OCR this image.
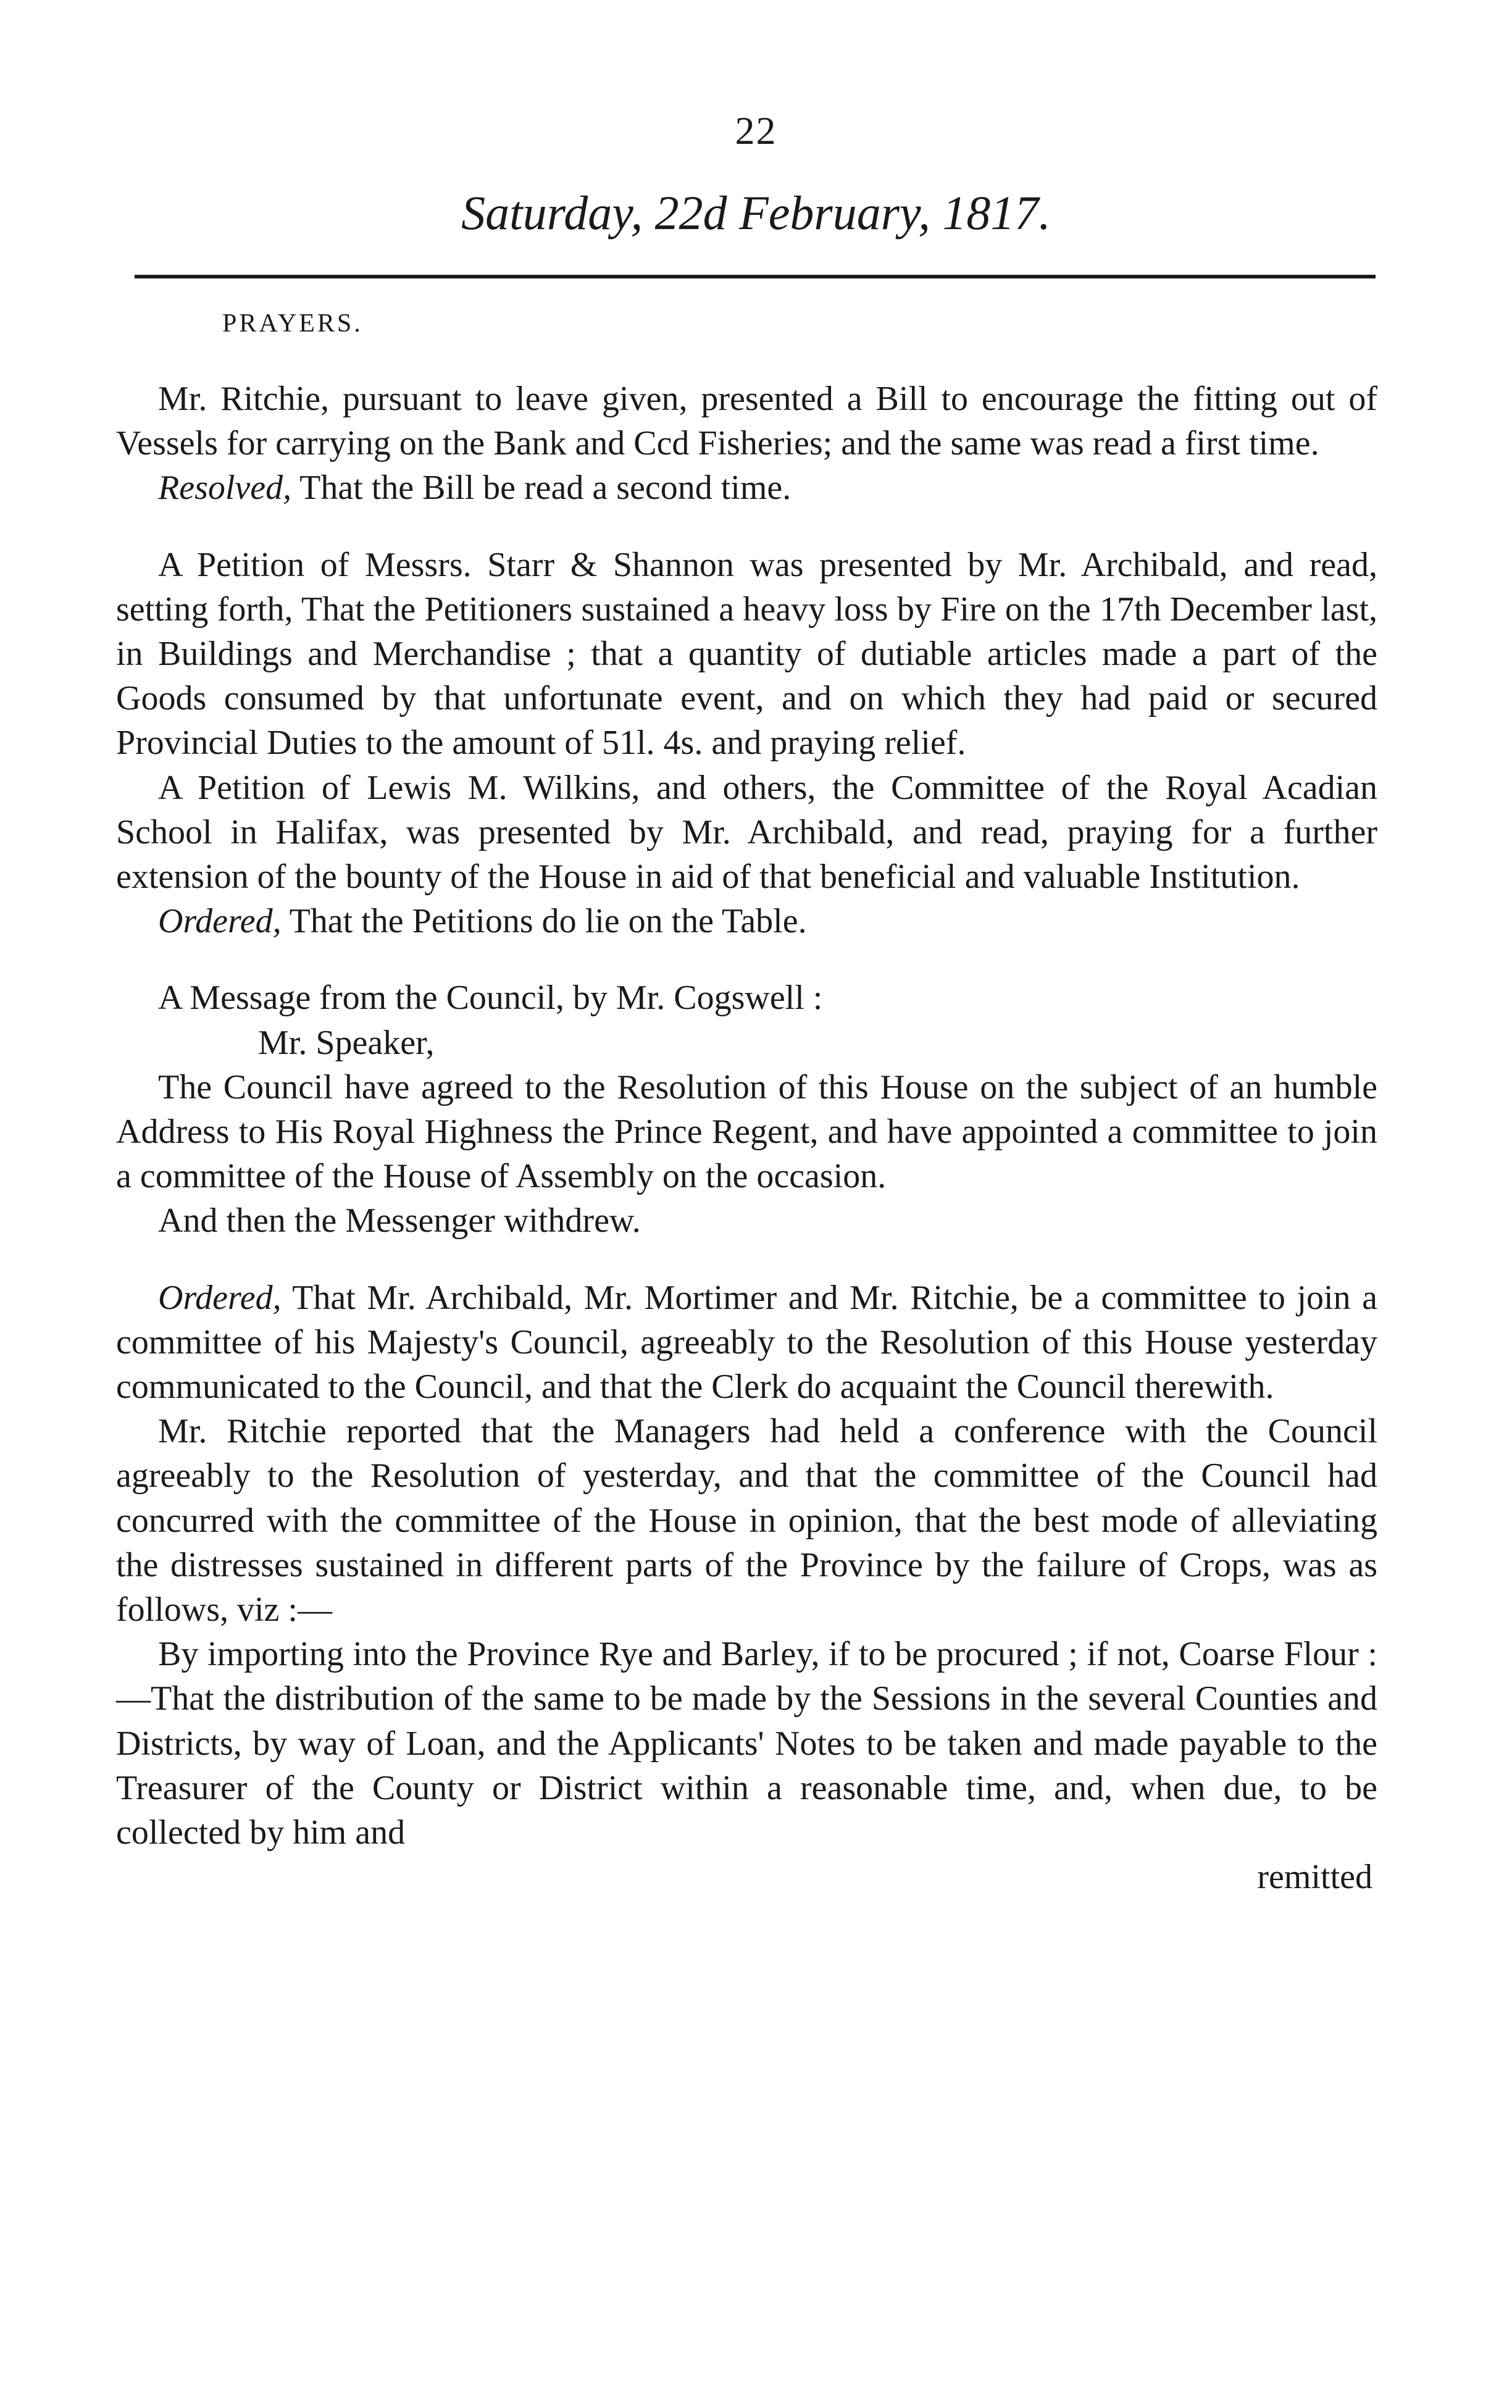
22
Saturday, 22d February, 1817.
PRAYERS.

Mr. Ritchie, pursuant to leave given, presented a Bill to encourage the fitting out of Vessels for carrying on the Bank and Ccd Fisheries; and the same was read a first time.

Resolved, That the Bill be read a second time.

A Petition of Messrs. Starr & Shannon was presented by Mr. Archibald, and read, setting forth, That the Petitioners sustained a heavy loss by Fire on the 17th December last, in Buildings and Merchandise ; that a quantity of dutiable articles made a part of the Goods consumed by that unfortunate event, and on which they had paid or secured Provincial Duties to the amount of 51l. 4s. and praying relief.

A Petition of Lewis M. Wilkins, and others, the Committee of the Royal Acadian School in Halifax, was presented by Mr. Archibald, and read, praying for a further extension of the bounty of the House in aid of that beneficial and valuable Institution.

Ordered, That the Petitions do lie on the Table.

A Message from the Council, by Mr. Cogswell :

Mr. Speaker,

The Council have agreed to the Resolution of this House on the subject of an humble Address to His Royal Highness the Prince Regent, and have appointed a committee to join a committee of the House of Assembly on the occasion.

And then the Messenger withdrew.

Ordered, That Mr. Archibald, Mr. Mortimer and Mr. Ritchie, be a committee to join a committee of his Majesty's Council, agreeably to the Resolution of this House yesterday communicated to the Council, and that the Clerk do acquaint the Council therewith.

Mr. Ritchie reported that the Managers had held a conference with the Council agreeably to the Resolution of yesterday, and that the committee of the Council had concurred with the committee of the House in opinion, that the best mode of alleviating the distresses sustained in different parts of the Province by the failure of Crops, was as follows, viz :—

By importing into the Province Rye and Barley, if to be procured ; if not, Coarse Flour :—That the distribution of the same to be made by the Sessions in the several Counties and Districts, by way of Loan, and the Applicants' Notes to be taken and made payable to the Treasurer of the County or District within a reasonable time, and, when due, to be collected by him and

remitted
